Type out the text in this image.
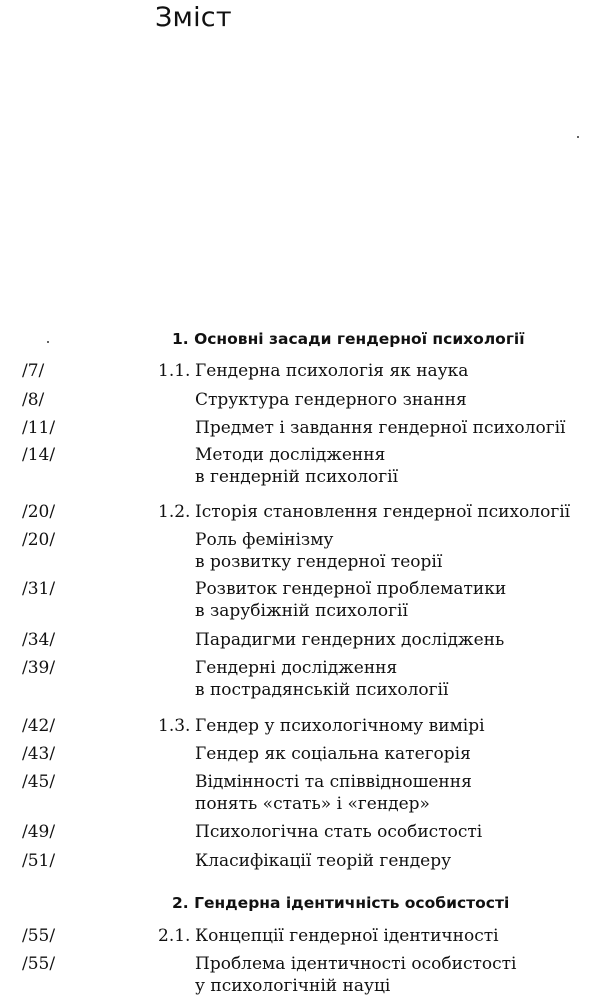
Зміст
1. Основні засади гендерної психології
2. Гендерна ідентичність особистості
/7/	1.1. Гендерна психологія як наука
/8/	Структура гендерного знання
/11/	Предмет і завдання гендерної психології
/14/	Методи дослідження
в гендерній психології
/20/	1.2. Історія становлення гендерної психології
/20/	Роль фемінізму
в розвитку гендерної теорії
/31/	Розвиток гендерної проблематики
в зарубіжній психології
/34/	Парадигми гендерних досліджень
/39/	Гендерні дослідження
в пострадянській психології
/42/	1.3. Гендер у психологічному вимірі
/43/	Гендер як соціальна категорія
/45/	Відмінності та співвідношення
понять «стать» і «гендер»
/49/	Психологічна стать особистості
/51/	Класифікації теорій гендеру
/55/	2.1. Концепції гендерної ідентичності
/55/	Проблема ідентичності особистості
у психологічній науці
